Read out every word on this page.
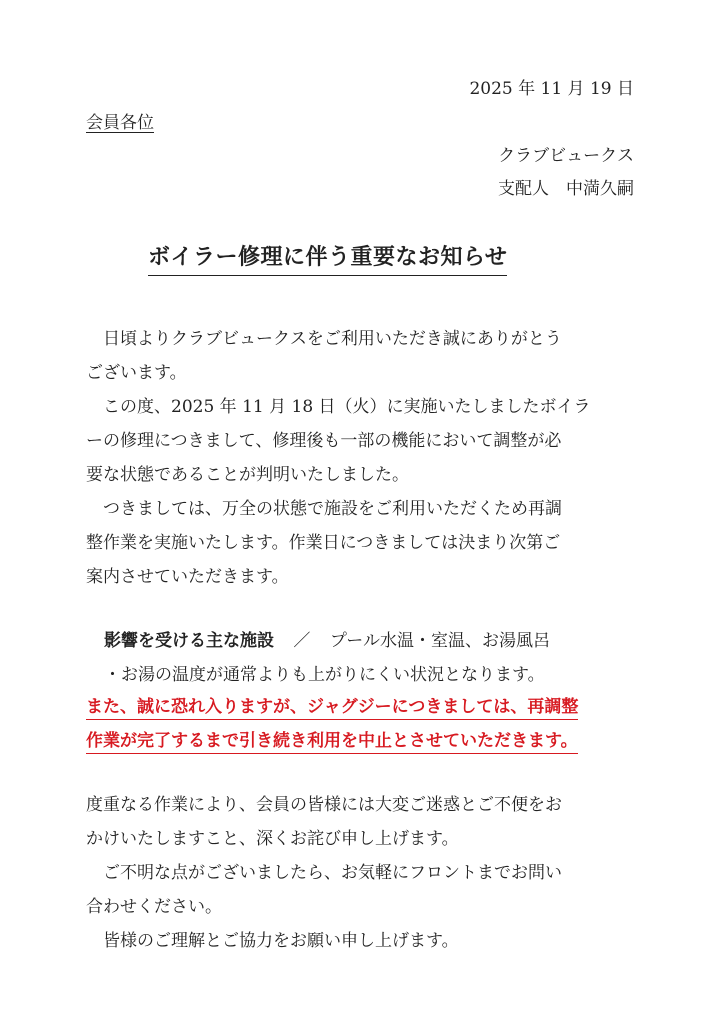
2025 年 11 月 19 日
会員各位
クラブビュークス
支配人　中満久嗣
ボイラー修理に伴う重要なお知らせ
　日頃よりクラブビュークスをご利用いただき誠にありがとう
ございます。
　この度、2025 年 11 月 18 日（火）に実施いたしましたボイラ
ーの修理につきまして、修理後も一部の機能において調整が必
要な状態であることが判明いたしました。
　つきましては、万全の状態で施設をご利用いただくため再調
整作業を実施いたします。作業日につきましては決まり次第ご
案内させていただきます。
影響を受ける主な施設 ／ プール水温・室温、お湯風呂
・お湯の温度が通常よりも上がりにくい状況となります。
また、誠に恐れ入りますが、ジャグジーにつきましては、再調整
作業が完了するまで引き続き利用を中止とさせていただきます。
度重なる作業により、会員の皆様には大変ご迷惑とご不便をお
かけいたしますこと、深くお詫び申し上げます。
　ご不明な点がございましたら、お気軽にフロントまでお問い
合わせください。
　皆様のご理解とご協力をお願い申し上げます。
